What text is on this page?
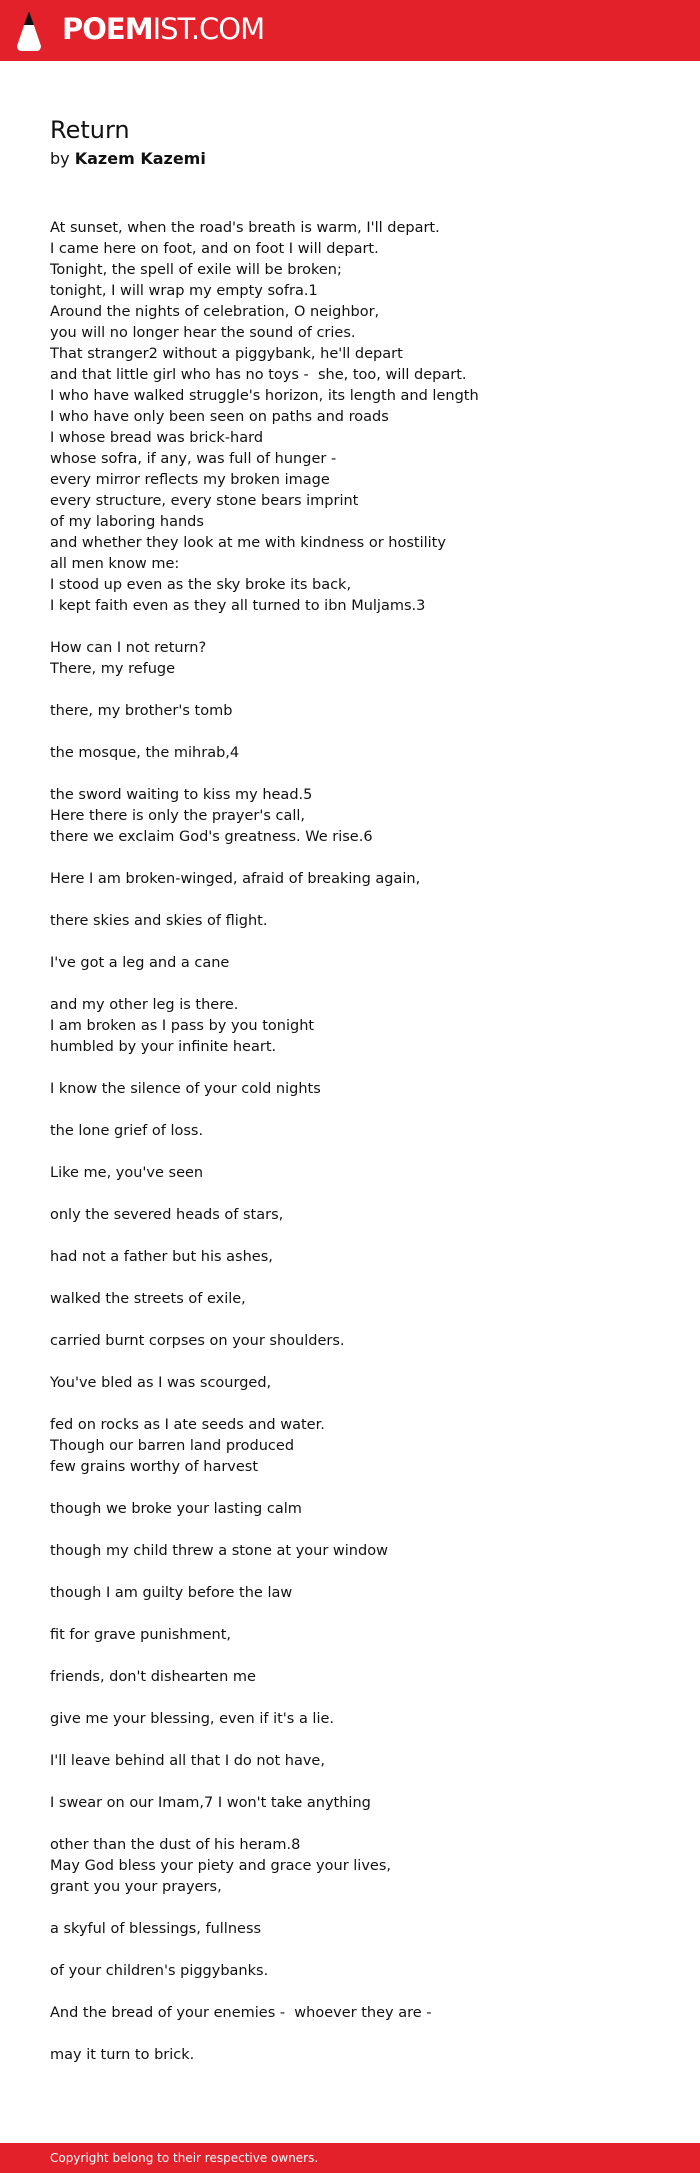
POEMIST.COM
Return
by Kazem Kazemi
At sunset, when the road's breath is warm, I'll depart.
I came here on foot, and on foot I will depart.
Tonight, the spell of exile will be broken;
tonight, I will wrap my empty sofra.1
Around the nights of celebration, O neighbor,
you will no longer hear the sound of cries.
That stranger2 without a piggybank, he'll depart
and that little girl who has no toys -  she, too, will depart.
I who have walked struggle's horizon, its length and length
I who have only been seen on paths and roads
I whose bread was brick-hard
whose sofra, if any, was full of hunger -
every mirror reflects my broken image
every structure, every stone bears imprint
of my laboring hands
and whether they look at me with kindness or hostility
all men know me:
I stood up even as the sky broke its back,
I kept faith even as they all turned to ibn Muljams.3
How can I not return?
There, my refuge
there, my brother's tomb
the mosque, the mihrab,4
the sword waiting to kiss my head.5
Here there is only the prayer's call,
there we exclaim God's greatness. We rise.6
Here I am broken-winged, afraid of breaking again,
there skies and skies of flight.
I've got a leg and a cane
and my other leg is there.
I am broken as I pass by you tonight
humbled by your infinite heart.
I know the silence of your cold nights
the lone grief of loss.
Like me, you've seen
only the severed heads of stars,
had not a father but his ashes,
walked the streets of exile,
carried burnt corpses on your shoulders.
You've bled as I was scourged,
fed on rocks as I ate seeds and water.
Though our barren land produced
few grains worthy of harvest
though we broke your lasting calm
though my child threw a stone at your window
though I am guilty before the law
fit for grave punishment,
friends, don't dishearten me
give me your blessing, even if it's a lie.
I'll leave behind all that I do not have,
I swear on our Imam,7 I won't take anything
other than the dust of his heram.8
May God bless your piety and grace your lives,
grant you your prayers,
a skyful of blessings, fullness
of your children's piggybanks.
And the bread of your enemies -  whoever they are -
may it turn to brick.
Copyright belong to their respective owners.
